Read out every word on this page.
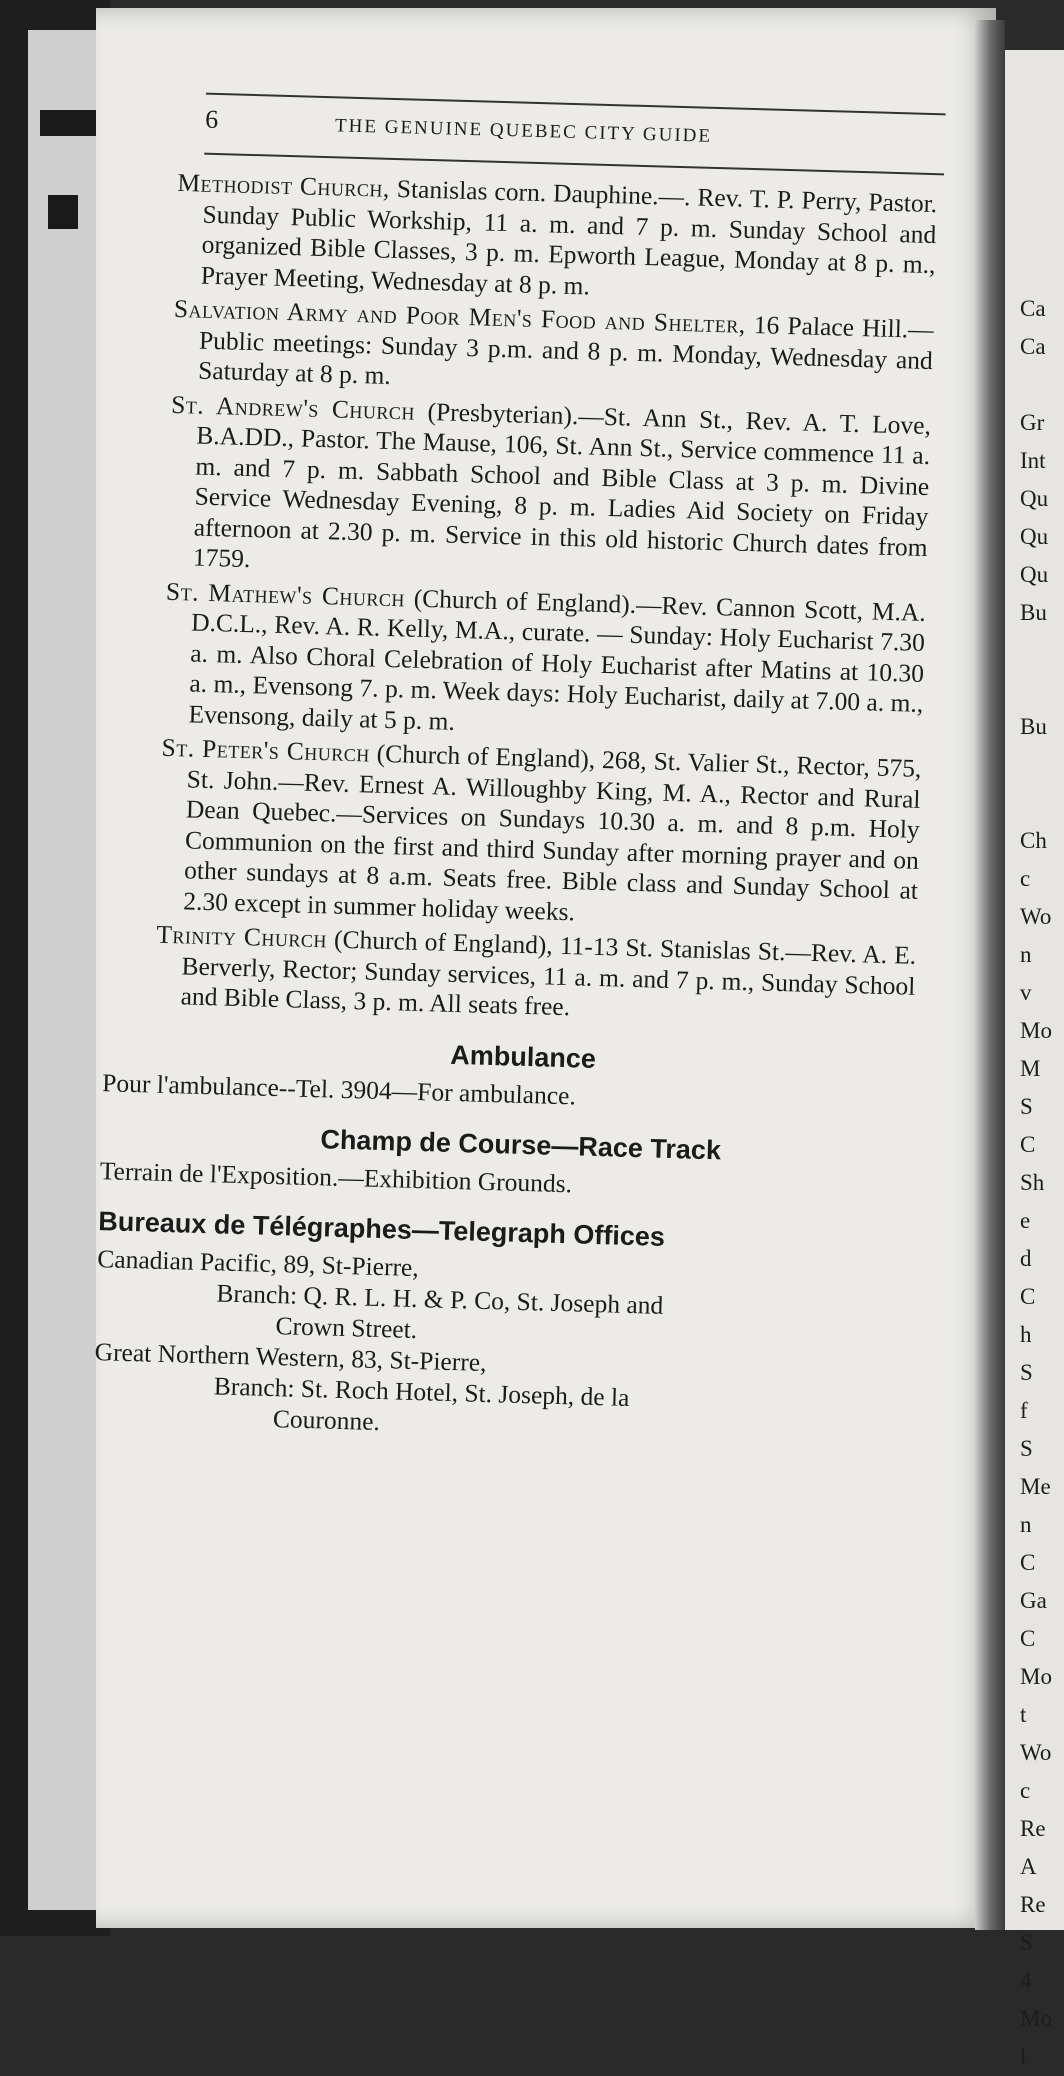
Ca
Ca
Gr
Int
Qu
Qu
Qu
Bu
Bu
Ch
c
Wo
n
v
Mo
M
S
C
Sh
e
d
C
h
S
f
S
Me
n
C
Ga
C
Mo
t
Wo
c
Re
A
Re
S
4
Mo
l
6	THE GENUINE QUEBEC CITY GUIDE
Methodist Church, Stanislas corn. Dauphine.—. Rev. T. P. Perry, Pastor. Sunday Public Workship, 11 a. m. and 7 p. m. Sunday School and organized Bible Classes, 3 p. m. Epworth League, Monday at 8 p. m., Prayer Meeting, Wednesday at 8 p. m.
Salvation Army and Poor Men's Food and Shelter, 16 Palace Hill.—Public meetings: Sunday 3 p.m. and 8 p. m. Monday, Wednesday and Saturday at 8 p. m.
St. Andrew's Church (Presbyterian).—St. Ann St., Rev. A. T. Love, B.A.DD., Pastor. The Mause, 106, St. Ann St., Service commence 11 a. m. and 7 p. m. Sabbath School and Bible Class at 3 p. m. Divine Service Wednesday Evening, 8 p. m. Ladies Aid Society on Friday afternoon at 2.30 p. m. Service in this old historic Church dates from 1759.
St. Mathew's Church (Church of England).—Rev. Cannon Scott, M.A. D.C.L., Rev. A. R. Kelly, M.A., curate. — Sunday: Holy Eucharist 7.30 a. m. Also Choral Celebration of Holy Eucharist after Matins at 10.30 a. m., Evensong 7. p. m. Week days: Holy Eucharist, daily at 7.00 a. m., Evensong, daily at 5 p. m.
St. Peter's Church (Church of England), 268, St. Valier St., Rector, 575, St. John.—Rev. Ernest A. Willoughby King, M. A., Rector and Rural Dean Quebec.—Services on Sundays 10.30 a. m. and 8 p.m. Holy Communion on the first and third Sunday after morning prayer and on other sundays at 8 a.m. Seats free. Bible class and Sunday School at 2.30 except in summer holiday weeks.
Trinity Church (Church of England), 11-13 St. Stanislas St.—Rev. A. E. Berverly, Rector; Sunday services, 11 a. m. and 7 p. m., Sunday School and Bible Class, 3 p. m. All seats free.
Ambulance
Pour l'ambulance--Tel. 3904—For ambulance.
Champ de Course—Race Track
Terrain de l'Exposition.—Exhibition Grounds.
Bureaux de Télégraphes—Telegraph Offices
Canadian Pacific, 89, St-Pierre,
Branch: Q. R. L. H. & P. Co, St. Joseph and
Crown Street.
Great Northern Western, 83, St-Pierre,
Branch: St. Roch Hotel, St. Joseph, de la
Couronne.
